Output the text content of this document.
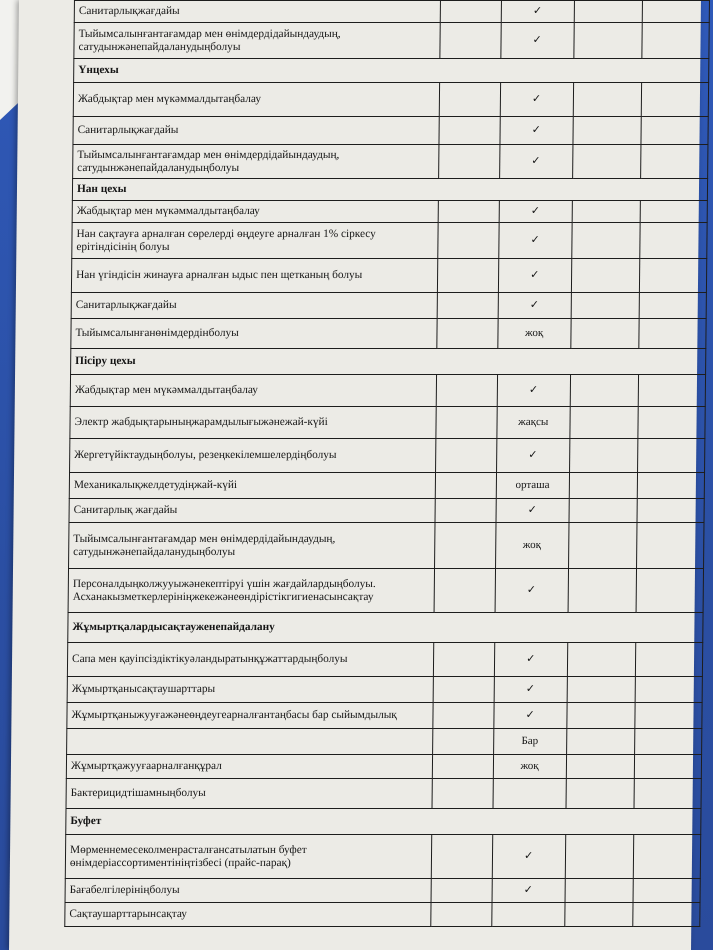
Санитарлықжағдайы		✓		
Тыйымсалынғантағамдар мен өнімдердідайындаудың, сатудынжәнепайдаланудыңболуы		✓		
Үнцехы				
Жабдықтар мен мүкәммалдытаңбалау		✓		
Санитарлықжағдайы		✓		
Тыйымсалынғантағамдар мен өнімдердідайындаудың, сатудынжәнепайдаланудыңболуы		✓		
Нан цехы				
Жабдықтар мен мүкәммалдытаңбалау		✓		
Нан сақтауға арналған сөрелерді өңдеуге арналған 1% сіркесу ерітіндісінің болуы		✓		
Нан үгіндісін жинауға арналған ыдыс пен щетканың болуы		✓		
Санитарлықжағдайы		✓		
Тыйымсалынғанөнімдердінболуы		жоқ		
Пісіру цехы				
Жабдықтар мен мүкәммалдытаңбалау		✓		
Электр жабдықтарыныңжарамдылығыжәнежай-күйі		жақсы		
Жергетүйіктаудыңболуы, резеңкекілемшелердіңболуы		✓		
Механикалықжелдетудіңжай-күйі		орташа		
Санитарлық жағдайы		✓		
Тыйымсалынғантағамдар мен өнімдердідайындаудың, сатудынжәнепайдаланудыңболуы		жоқ		
Персоналдыңколжууыжәнекептіруі үшін жағдайлардыңболуы. Асханакызметкерлерініңжекежәнеөндірістікгигиенасынсақтау		✓		
Жұмыртқалардысақтауженепайдалану				
Сапа мен қауіпсіздіктікуәландыратынқұжаттардыңболуы		✓		
Жұмыртқанысақтаушарттары		✓		
Жұмыртқаныжууғажәнеөңдеугеарналғантаңбасы бар сыйымдылық		✓		
		Бар		
Жұмыртқажууғаарналғанқұрал		жоқ		
Бактерицидтішамныңболуы				
Буфет				
Мөрменнемесеколменрасталғансатылатын буфет өнімдеріассортиментініңтізбесі (прайс-парақ)		✓		
Бағабелгілерініңболуы		✓		
Сақтаушарттарынсақтау				
